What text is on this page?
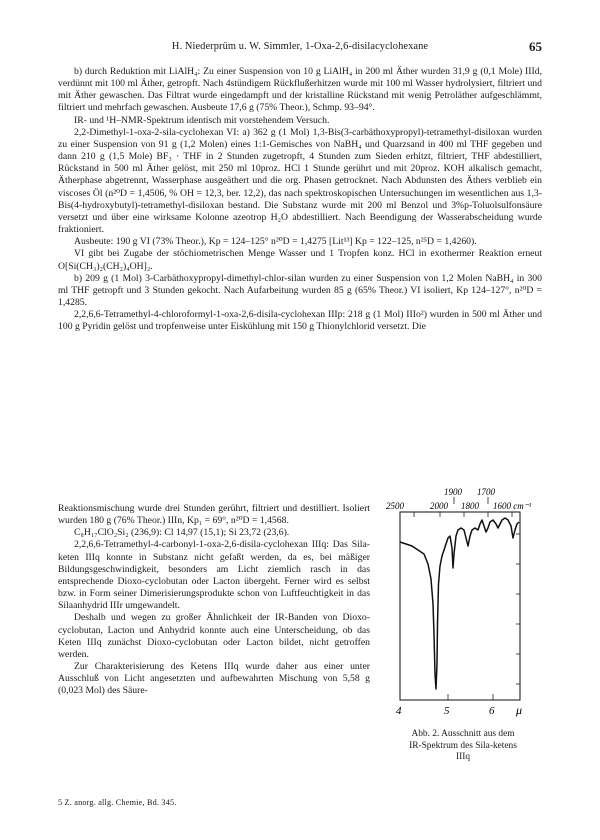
H. Niederprüm u. W. Simmler, 1-Oxa-2,6-disilacyclohexane	65

b) durch Reduktion mit LiAlH₄: Zu einer Suspension von 10 g LiAlH₄ in 200 ml Äther wurden 31,9 g (0,1 Mole) IIId, verdünnt mit 100 ml Äther, getropft. Nach 4stündigem Rückflußerhitzen wurde mit 100 ml Wasser hydrolysiert, filtriert und mit Äther gewaschen. Das Filtrat wurde eingedampft und der kristalline Rückstand mit wenig Petroläther aufgeschlämmt, filtriert und mehrfach gewaschen. Ausbeute 17,6 g (75% Theor.), Schmp. 93–94°.

IR- und ¹H–NMR-Spektrum identisch mit vorstehendem Versuch.

2,2-Dimethyl-1-oxa-2-sila-cyclohexan VI: a) 362 g (1 Mol) 1,3-Bis(3-carbäthoxypropyl)-tetramethyl-disiloxan wurden zu einer Suspension von 91 g (1,2 Molen) eines 1:1-Gemisches von NaBH₄ und Quarzsand in 400 ml THF gegeben und dann 210 g (1,5 Mole) BF₃ · THF in 2 Stunden zugetropft, 4 Stunden zum Sieden erhitzt, filtriert, THF abdestilliert, Rückstand in 500 ml Äther gelöst, mit 250 ml 10proz. HCl 1 Stunde gerührt und mit 20proz. KOH alkalisch gemacht, Ätherphase abgetrennt, Wasserphase ausgeäthert und die org. Phasen getrocknet. Nach Abdunsten des Äthers verblieb ein viscoses Öl (n²⁰D = 1,4506, % OH = 12,3, ber. 12,2), das nach spektroskopischen Untersuchungen im wesentlichen aus 1,3-Bis(4-hydroxybutyl)-tetramethyl-disiloxan bestand. Die Substanz wurde mit 200 ml Benzol und 3%p-Toluolsulfonsäure versetzt und über eine wirksame Kolonne azeotrop H₂O abdestilliert. Nach Beendigung der Wasserabscheidung wurde fraktioniert.

Ausbeute: 190 g VI (73% Theor.), Kp = 124–125° n²⁰D = 1,4275 [Lit¹³] Kp = 122–125, n²⁵D = 1,4260).

VI gibt bei Zugabe der stöchiometrischen Menge Wasser und 1 Tropfen konz. HCl in exothermer Reaktion erneut O[Si(CH₃)₂(CH₂)₄OH]₂.

b) 209 g (1 Mol) 3-Carbäthoxypropyl-dimethyl-chlor-silan wurden zu einer Suspension von 1,2 Molen NaBH₄ in 300 ml THF getropft und 3 Stunden gekocht. Nach Aufarbeitung wurden 85 g (65% Theor.) VI isoliert, Kp 124–127°, n²⁰D = 1,4285.

2,2,6,6-Tetramethyl-4-chloroformyl-1-oxa-2,6-disila-cyclohexan IIIp: 218 g (1 Mol) IIIo²) wurden in 500 ml Äther und 100 g Pyridin gelöst und tropfenweise unter Eiskühlung mit 150 g Thionylchlorid versetzt. Die

Reaktionsmischung wurde drei Stunden gerührt, filtriert und destilliert. Isoliert wurden 180 g (76% Theor.) IIIn, Kp₁ = 69°, n²⁰D = 1,4568.

C₈H₁₇ClO₂Si₂ (236,9): Cl 14,97 (15,1); Si 23,72 (23,6).

2,2,6,6-Tetramethyl-4-carbonyl-1-oxa-2,6-disila-cyclohexan IIIq: Das Sila-keten IIIq konnte in Substanz nicht gefaßt werden, da es, bei mäßiger Bildungsgeschwindigkeit, besonders am Licht ziemlich rasch in das entsprechende Dioxo-cyclobutan oder Lacton übergeht. Ferner wird es selbst bzw. in Form seiner Dimerisierungsprodukte schon von Luftfeuchtigkeit in das Silaanhydrid IIIr umgewandelt.

Deshalb und wegen zu großer Ähnlichkeit der IR-Banden von Dioxo-cyclobutan, Lacton und Anhydrid konnte auch eine Unterscheidung, ob das Keten IIIq zunächst Dioxo-cyclobutan oder Lacton bildet, nicht getroffen werden.

Zur Charakterisierung des Ketens IIIq wurde daher aus einer unter Ausschluß von Licht angesetzten und aufbewahrten Mischung von 5,58 g (0,023 Mol) des Säure-

1900 1700
2500	2000 1800 1600 cm⁻¹
4	5	6 μ
Abb. 2. Ausschnitt aus dem
IR-Spektrum des Sila-ketens
IIIq
5 Z. anorg. allg. Chemie, Bd. 345.
